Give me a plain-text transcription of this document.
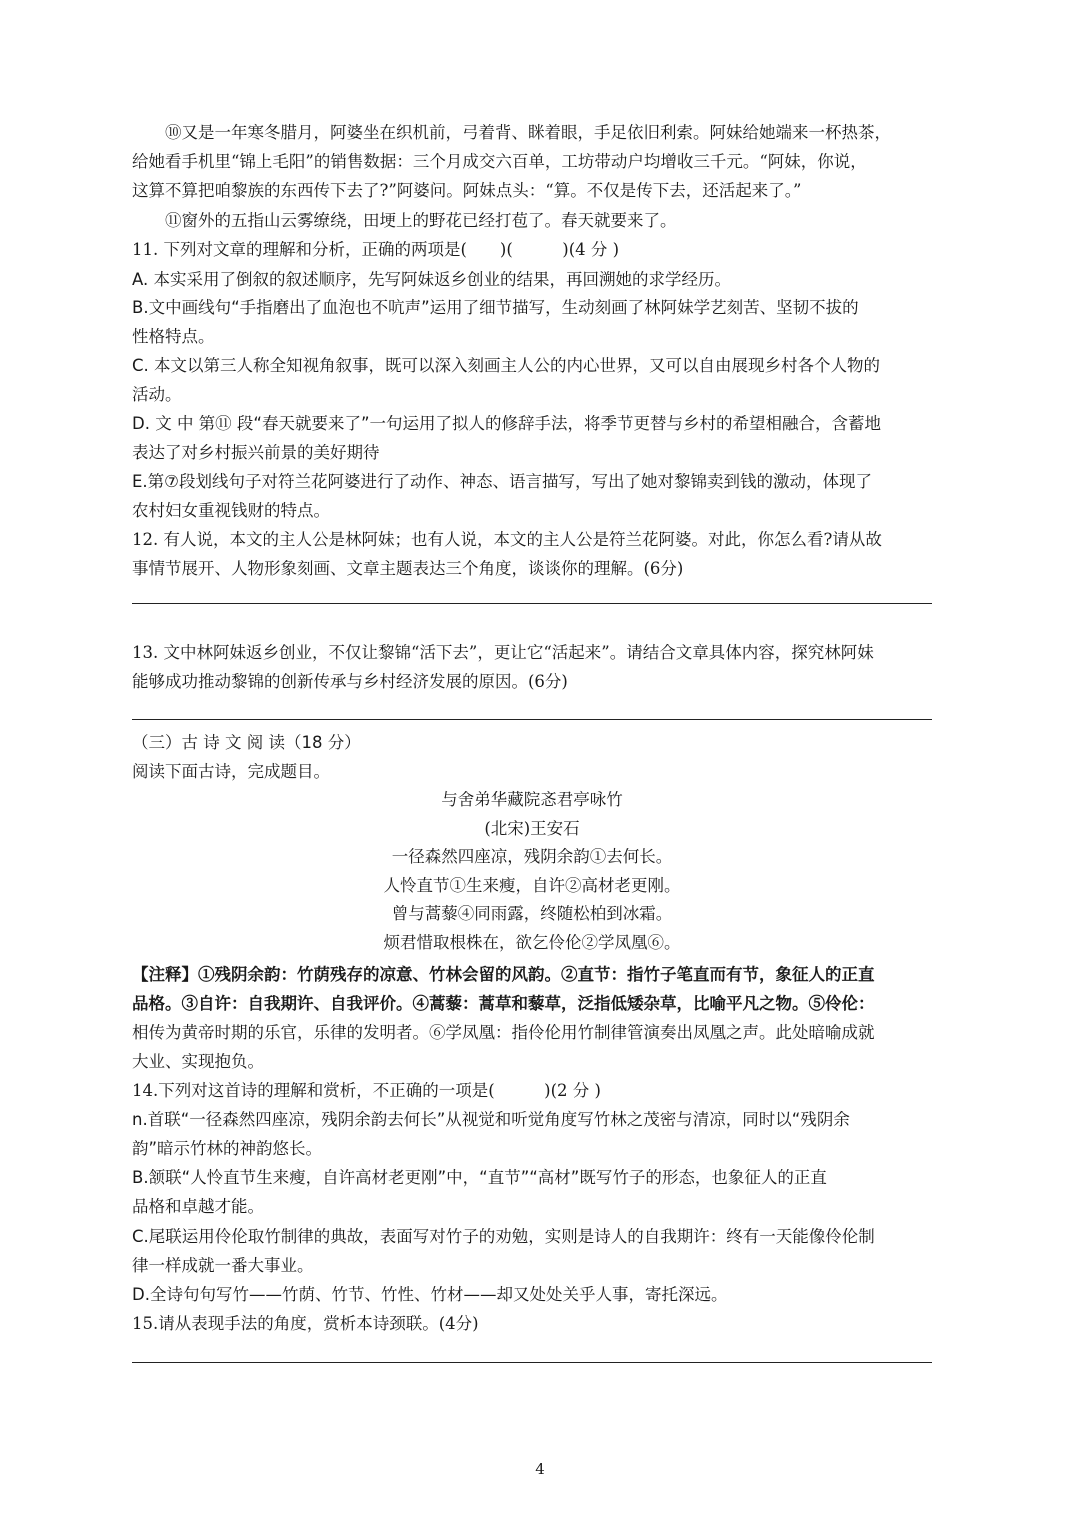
⑩又是一年寒冬腊月，阿婆坐在织机前，弓着背、眯着眼，手足依旧利索。阿妹给她端来一杯热茶，

给她看手机里“锦上毛阳”的销售数据：三个月成交六百单，工坊带动户均增收三千元。“阿妹，你说，

这算不算把咱黎族的东西传下去了?”阿婆问。阿妹点头：“算。不仅是传下去，还活起来了。”

⑪窗外的五指山云雾缭绕，田埂上的野花已经打苞了。春天就要来了。

11. 下列对文章的理解和分析，正确的两项是(　　)(　　　)(4 分 )

A. 本实采用了倒叙的叙述顺序，先写阿妹返乡创业的结果，再回溯她的求学经历。

B.文中画线句“手指磨出了血泡也不吭声”运用了细节描写，生动刻画了林阿妹学艺刻苦、坚韧不拔的

性格特点。

C. 本文以第三人称全知视角叙事，既可以深入刻画主人公的内心世界，又可以自由展现乡村各个人物的

活动。

D. 文 中 第⑪ 段“春天就要来了”一句运用了拟人的修辞手法，将季节更替与乡村的希望相融合，含蓄地

表达了对乡村振兴前景的美好期待

E.第⑦段划线句子对符兰花阿婆进行了动作、神态、语言描写，写出了她对黎锦卖到钱的激动，体现了

农村妇女重视钱财的特点。

12. 有人说，本文的主人公是林阿妹；也有人说，本文的主人公是符兰花阿婆。对此，你怎么看?请从故

事情节展开、人物形象刻画、文章主题表达三个角度，谈谈你的理解。(6分)

13. 文中林阿妹返乡创业，不仅让黎锦“活下去”，更让它“活起来”。请结合文章具体内容，探究林阿妹

能够成功推动黎锦的创新传承与乡村经济发展的原因。(6分)

（三）古 诗 文 阅 读（18 分）

阅读下面古诗，完成题目。

与舍弟华藏院忞君亭咏竹

(北宋)王安石

一径森然四座凉，残阴余韵①去何长。

人怜直节①生来瘦，自许②高材老更刚。

曾与蒿藜④同雨露，终随松柏到冰霜。

烦君惜取根株在，欲乞伶伦②学凤凰⑥。

【注释】①残阴余韵：竹荫残存的凉意、竹林会留的风韵。②直节：指竹子笔直而有节，象征人的正直

品格。③自许：自我期许、自我评价。④蒿藜：蒿草和藜草，泛指低矮杂草，比喻平凡之物。⑤伶伦：

相传为黄帝时期的乐官，乐律的发明者。⑥学凤凰：指伶伦用竹制律管演奏出凤凰之声。此处暗喻成就

大业、实现抱负。

14.下列对这首诗的理解和赏析，不正确的一项是(　　　)(2 分 )

n.首联“一径森然四座凉，残阴余韵去何长”从视觉和听觉角度写竹林之茂密与清凉，同时以“残阴余

韵”暗示竹林的神韵悠长。

B.颔联“人怜直节生来瘦，自许高材老更刚”中，“直节”“高材”既写竹子的形态，也象征人的正直

品格和卓越才能。

C.尾联运用伶伦取竹制律的典故，表面写对竹子的劝勉，实则是诗人的自我期许：终有一天能像伶伦制

律一样成就一番大事业。

D.全诗句句写竹——竹荫、竹节、竹性、竹材——却又处处关乎人事，寄托深远。

15.请从表现手法的角度，赏析本诗颈联。(4分)

4
